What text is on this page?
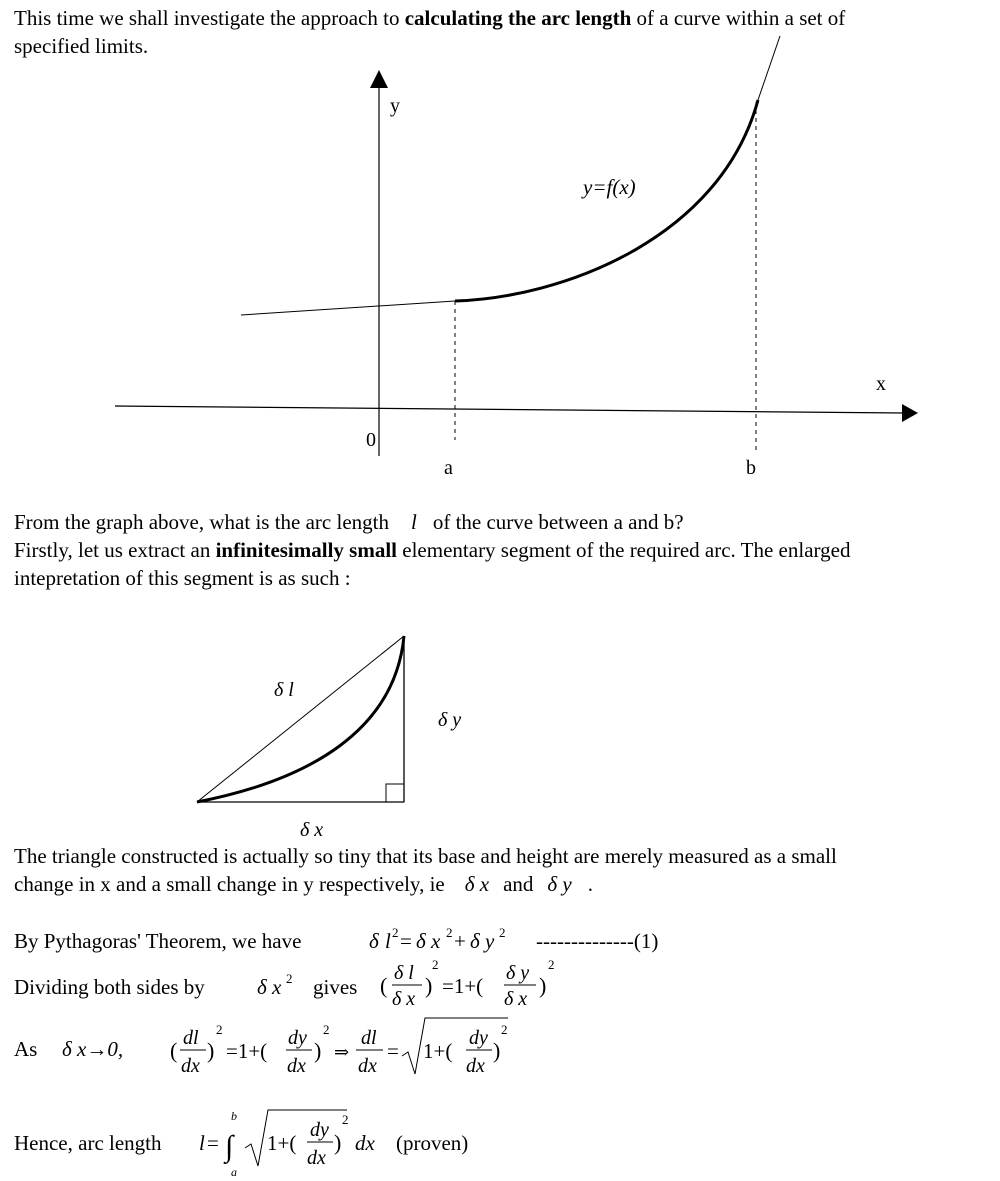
This time we shall investigate the approach to calculating the arc length of a curve within a set of
specified limits.
y
x
0
a	b
y=f(x)
From the graph above, what is the arc length l of the curve between a and b?
Firstly, let us extract an infinitesimally small elementary segment of the required arc. The enlarged
intepretation of this segment is as such :
δ l
δ y
δ x
The triangle constructed is actually so tiny that its base and height are merely measured as a small
change in x and a small change in y respectively, ie δ x and δ y .
By Pythagoras' Theorem, we have	δ l 2 = δ x 2 + δ y 2 --------------(1)
Dividing both sides by δ x 2 gives ( δ l
δ x
)
2
=1+(
δ y
δ x
)
2
As δ x→0, ( dl
dx
)
2
=1+(
dy
dx
)
2
⇒
dl
dx
= 1+(
dy
dx
)
2
Hence, arc length l =
b
∫
a
1+(
dy
dx
)
2
dx (proven)
